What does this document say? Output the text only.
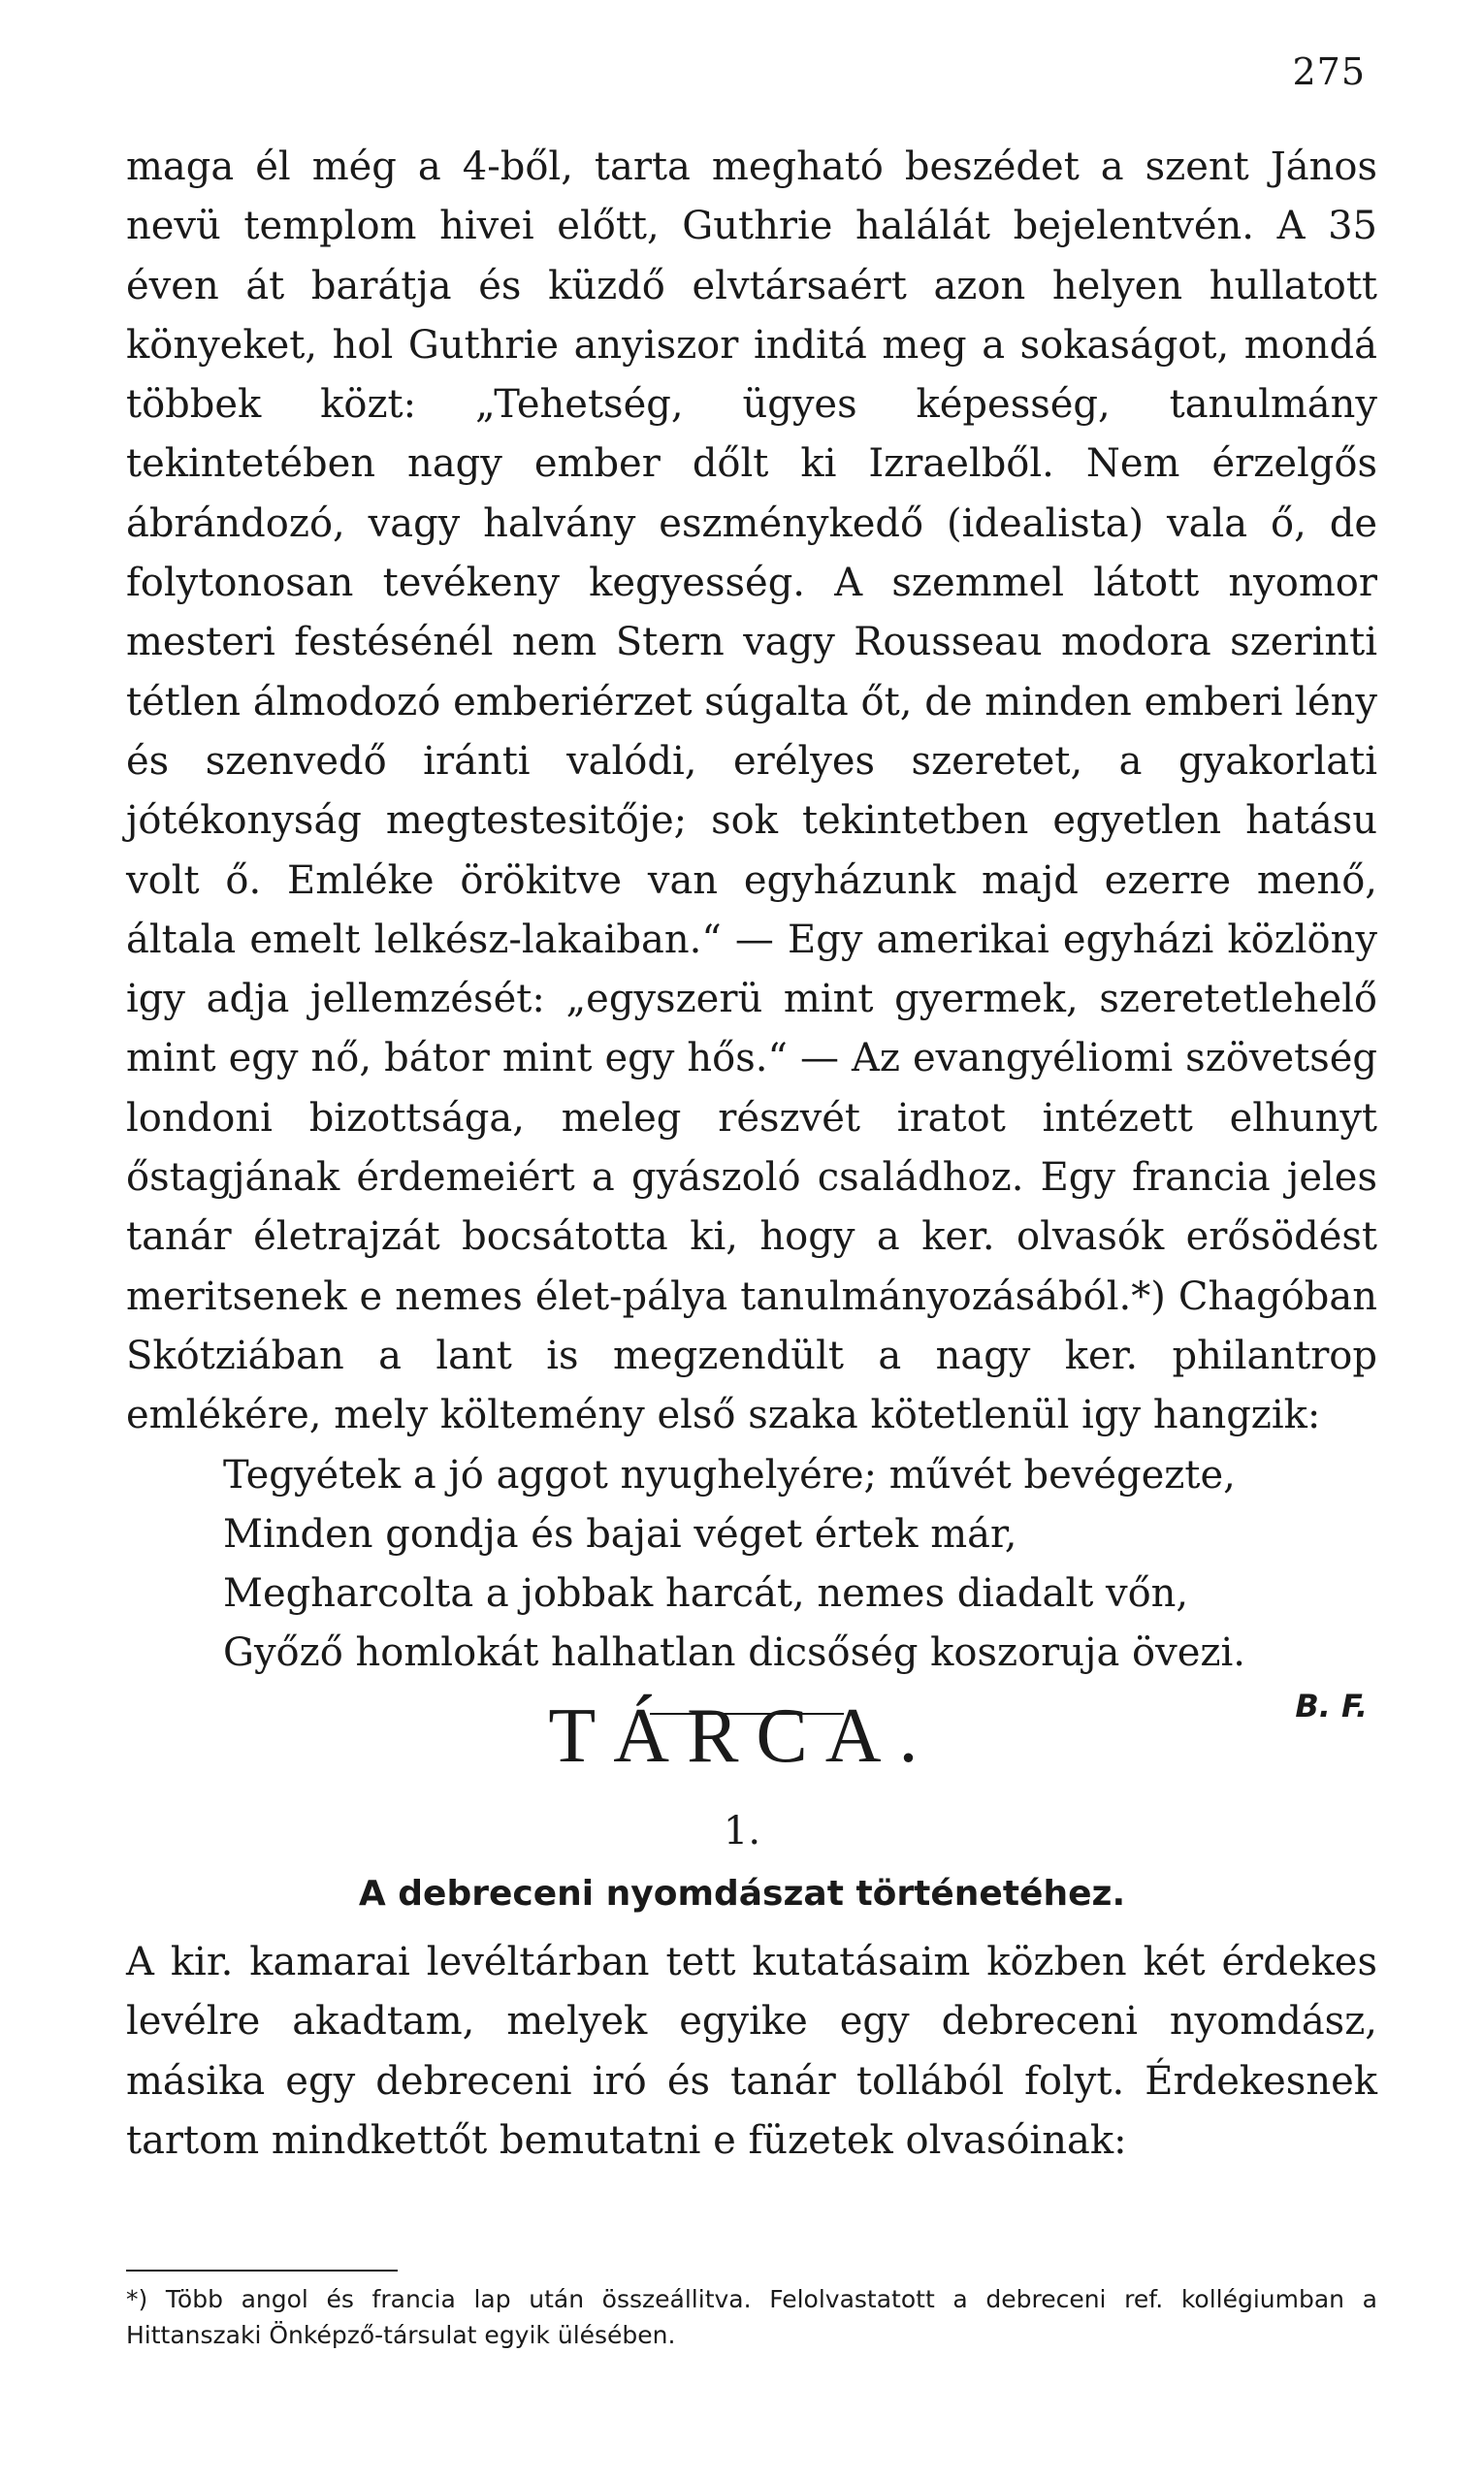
275

maga él még a 4-ből, tarta megható beszédet a szent János nevü templom hivei előtt, Guthrie halálát bejelentvén. A 35 éven át barátja és küzdő elvtársaért azon helyen hullatott könyeket, hol Guthrie anyiszor inditá meg a sokaságot, mondá többek közt: „Tehetség, ügyes képesség, tanulmány tekintetében nagy ember dőlt ki Izraelből. Nem érzelgős ábrándozó, vagy halvány eszménykedő (idealista) vala ő, de folytonosan tevékeny kegyesség. A szemmel látott nyomor mesteri festésénél nem Stern vagy Rousseau modora szerinti tétlen álmodozó emberiérzet súgalta őt, de minden emberi lény és szenvedő iránti valódi, erélyes szeretet, a gyakorlati jótékonyság megtestesitője; sok tekintetben egyetlen hatásu volt ő. Emléke örökitve van egyházunk majd ezerre menő, általa emelt lelkész-lakaiban.“ — Egy amerikai egyházi közlöny igy adja jellemzését: „egyszerü mint gyermek, szeretetlehelő mint egy nő, bátor mint egy hős.“ — Az evangyéliomi szövetség londoni bizottsága, meleg részvét iratot intézett elhunyt őstagjának érdemeiért a gyászoló családhoz. Egy francia jeles tanár életrajzát bocsátotta ki, hogy a ker. olvasók erősödést meritsenek e nemes élet-pálya tanulmányozásából.*) Chagóban Skótziában a lant is megzendült a nagy ker. philantrop emlékére, mely költemény első szaka kötetlenül igy hangzik:

Tegyétek a jó aggot nyughelyére; művét bevégezte,
Minden gondja és bajai véget értek már,
Megharcolta a jobbak harcát, nemes diadalt vőn,
Győző homlokát halhatlan dicsőség koszoruja övezi.
B. F.
TÁRCA.
1.
A debreceni nyomdászat történetéhez.

A kir. kamarai levéltárban tett kutatásaim közben két érdekes levélre akadtam, melyek egyike egy debreceni nyomdász, másika egy debreceni iró és tanár tollából folyt. Érdekesnek tartom mindkettőt bemutatni e füzetek olvasóinak:

*) Több angol és francia lap után összeállitva. Felolvastatott a debreceni ref. kollégiumban a Hittanszaki Önképző-társulat egyik ülésében.
